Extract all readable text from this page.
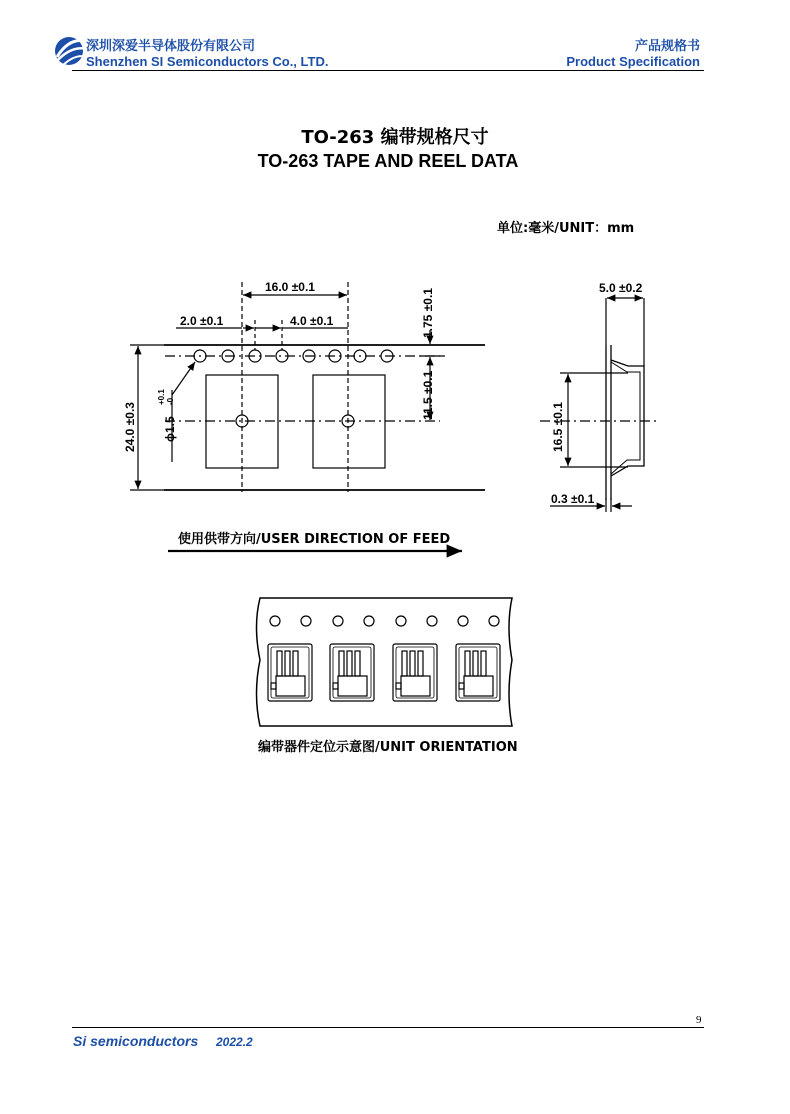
深圳深爱半导体股份有限公司
Shenzhen SI Semiconductors Co., LTD.
产品规格书
Product Specification
TO-263 编带规格尺寸
TO-263 TAPE AND REEL DATA
单位:毫米/UNIT：mm
16.0 ±0.1
2.0 ±0.1	4.0 ±0.1	1.75 ±0.1
11.5 ±0.1
24.0 ±0.3 ϕ1.5
+0.1 -0
5.0 ±0.2
16.5 ±0.1
0.3 ±0.1
使用供带方向/USER DIRECTION OF FEED
编带器件定位示意图/UNIT ORIENTATION
9
Si semiconductors 2022.2
